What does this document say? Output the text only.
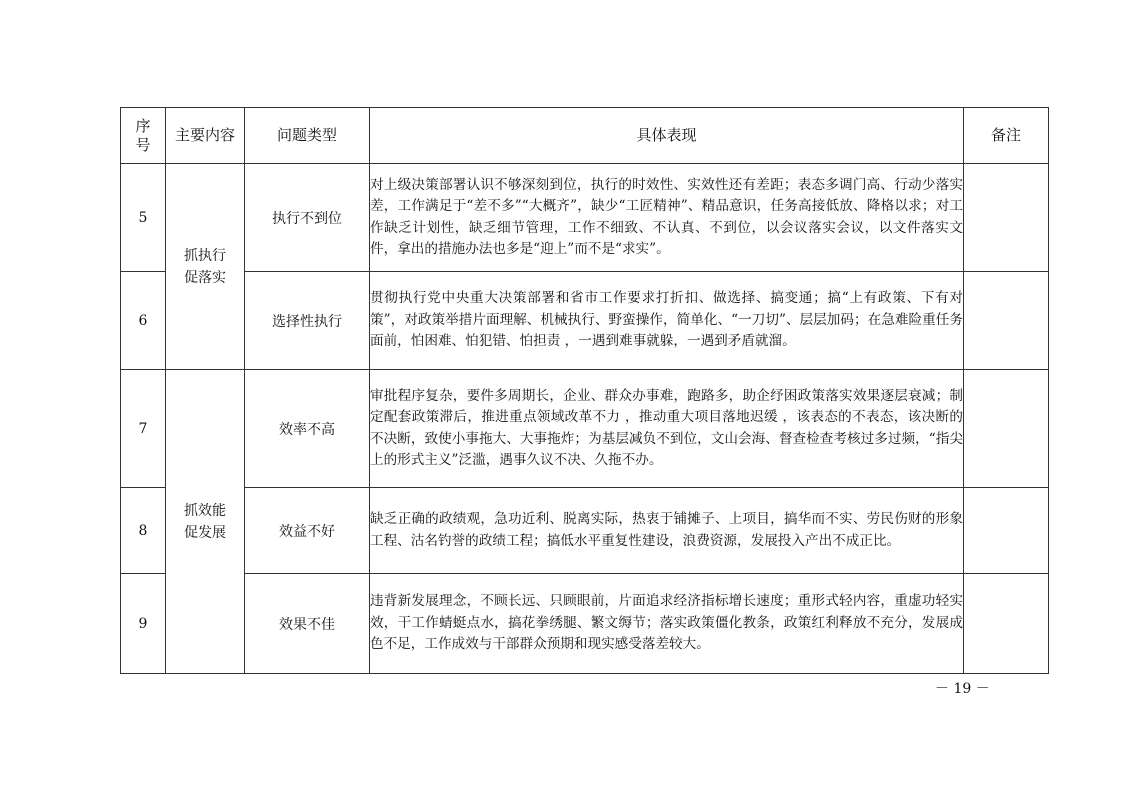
序号	主要内容	问题类型	具体表现	备注
5	抓执行促落实	执行不到位	对上级决策部署认识不够深刻到位，执行的时效性、实效性还有差距；表态多调门高、行动少落实差，工作满足于“差不多”“大概齐”，缺少“工匠精神”、精品意识，任务高接低放、降格以求；对工作缺乏计划性，缺乏细节管理，工作不细致、不认真、不到位，以会议落实会议，以文件落实文件，拿出的措施办法也多是“迎上”而不是“求实”。	
6		选择性执行	贯彻执行党中央重大决策部署和省市工作要求打折扣、做选择、搞变通；搞“上有政策、下有对策”，对政策举措片面理解、机械执行、野蛮操作，简单化、“一刀切”、层层加码；在急难险重任务面前，怕困难、怕犯错、怕担责 ，一遇到难事就躲，一遇到矛盾就溜。	
7	抓效能促发展	效率不高	审批程序复杂，要件多周期长，企业、群众办事难，跑路多，助企纾困政策落实效果逐层衰减；制定配套政策滞后，推进重点领域改革不力 ，推动重大项目落地迟缓 ，该表态的不表态，该决断的不决断，致使小事拖大、大事拖炸；为基层减负不到位，文山会海、督查检查考核过多过频，“指尖上的形式主义”泛滥，遇事久议不决、久拖不办。	
8		效益不好	缺乏正确的政绩观，急功近利、脱离实际，热衷于铺摊子、上项目，搞华而不实、劳民伤财的形象工程、沽名钓誉的政绩工程；搞低水平重复性建设，浪费资源，发展投入产出不成正比。	
9		效果不佳	违背新发展理念，不顾长远、只顾眼前，片面追求经济指标增长速度；重形式轻内容，重虚功轻实效，干工作蜻蜓点水，搞花拳绣腿、繁文缛节；落实政策僵化教条，政策红利释放不充分，发展成色不足，工作成效与干部群众预期和现实感受落差较大。	
－ 19 －
